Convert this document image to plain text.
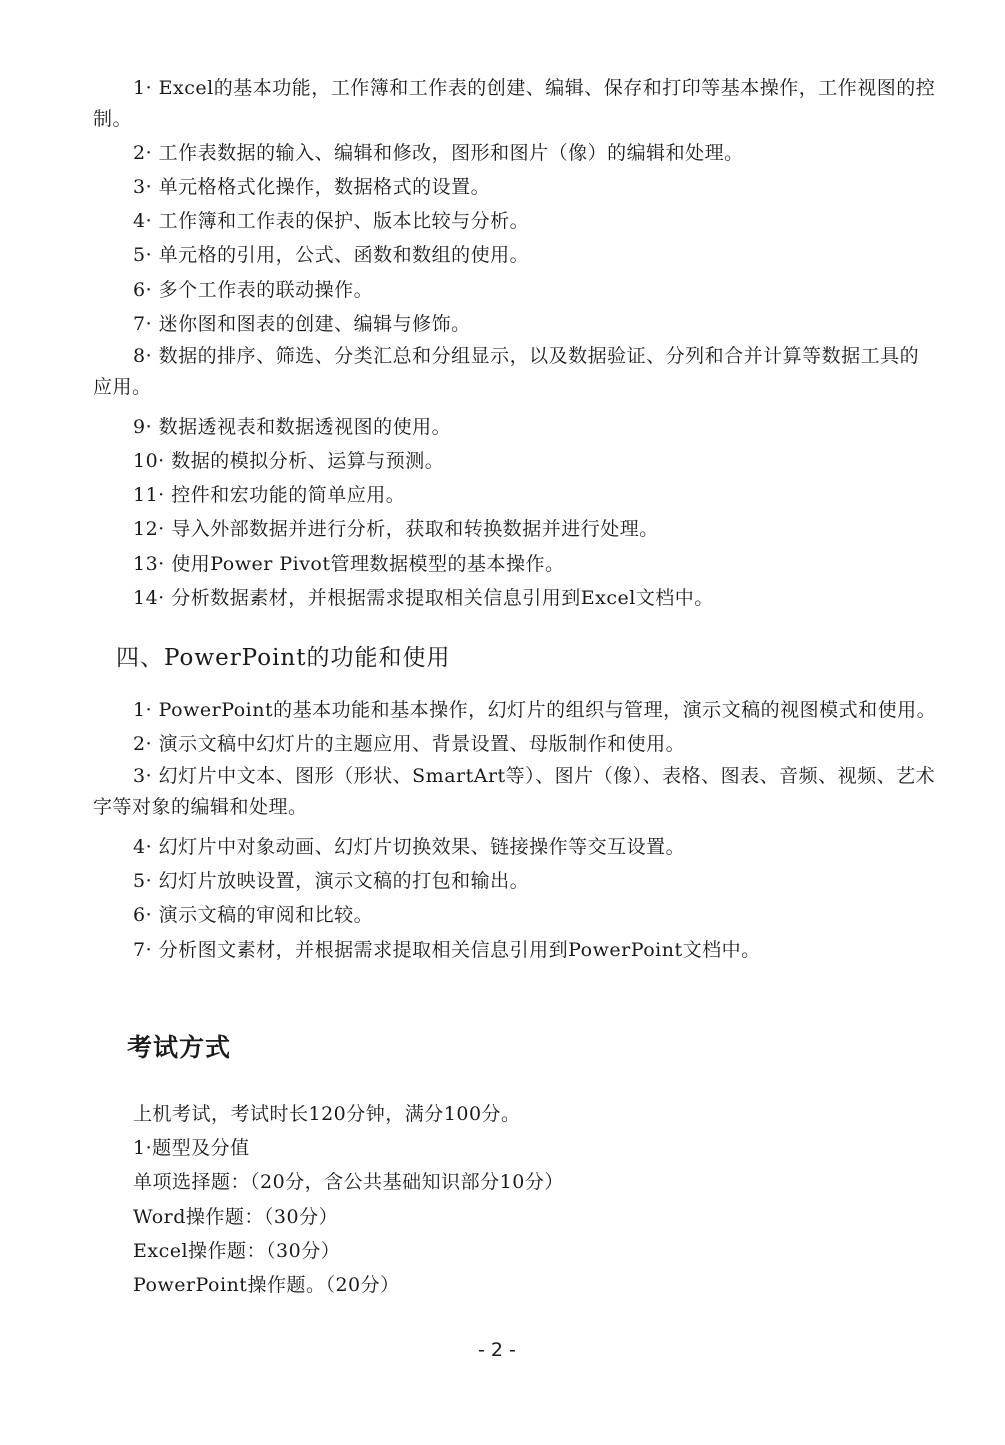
1· Excel的基本功能，工作簿和工作表的创建、编辑、保存和打印等基本操作，工作视图的控制。
2· 工作表数据的输入、编辑和修改，图形和图片（像）的编辑和处理。
3· 单元格格式化操作，数据格式的设置。
4· 工作簿和工作表的保护、版本比较与分析。
5· 单元格的引用，公式、函数和数组的使用。
6· 多个工作表的联动操作。
7· 迷你图和图表的创建、编辑与修饰。
8· 数据的排序、筛选、分类汇总和分组显示，以及数据验证、分列和合并计算等数据工具的应用。
9· 数据透视表和数据透视图的使用。
10· 数据的模拟分析、运算与预测。
11· 控件和宏功能的简单应用。
12· 导入外部数据并进行分析，获取和转换数据并进行处理。
13· 使用Power Pivot管理数据模型的基本操作。
14· 分析数据素材，并根据需求提取相关信息引用到Excel文档中。
四、PowerPoint的功能和使用
1· PowerPoint的基本功能和基本操作，幻灯片的组织与管理，演示文稿的视图模式和使用。
2· 演示文稿中幻灯片的主题应用、背景设置、母版制作和使用。
3· 幻灯片中文本、图形（形状、SmartArt等）、图片（像）、表格、图表、音频、视频、艺术字等对象的编辑和处理。
4· 幻灯片中对象动画、幻灯片切换效果、链接操作等交互设置。
5· 幻灯片放映设置，演示文稿的打包和输出。
6· 演示文稿的审阅和比较。
7· 分析图文素材，并根据需求提取相关信息引用到PowerPoint文档中。
考试方式
上机考试，考试时长120分钟，满分100分。
1·题型及分值
单项选择题：（20分，含公共基础知识部分10分）
Word操作题：（30分）
Excel操作题：（30分）
PowerPoint操作题。（20分）
- 2 -
